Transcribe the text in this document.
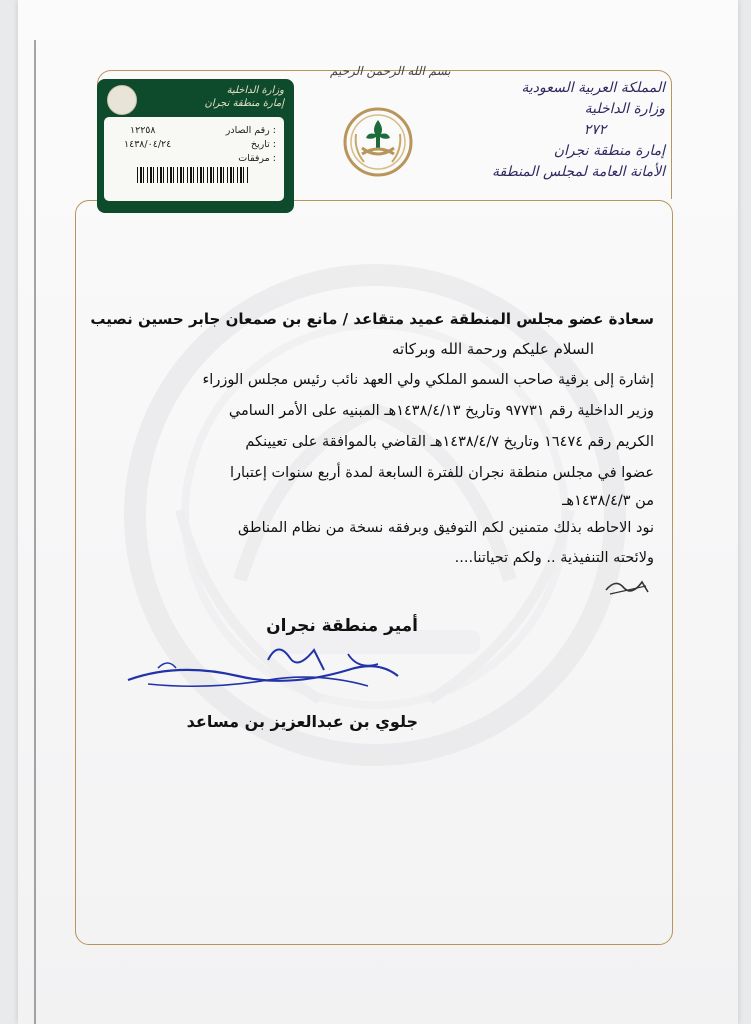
المملكة العربية السعودية
وزارة الداخلية
٢٧٢
إمارة منطقة نجران
الأمانة العامة لمجلس المنطقة
بسم الله الرحمن الرحيم
وزارة الداخلية
إمارة منطقة نجران
رقم الصادر :
١٢٢٥٨
تاريخ :
١٤٣٨/٠٤/٢٤
مرفقات :
سعادة عضو مجلس المنطقة عميد متقاعد / مانع بن صمعان جابر حسين نصيب
السلام عليكم ورحمة الله وبركاته
إشارة إلى برقية صاحب السمو الملكي ولي العهد نائب رئيس مجلس الوزراء
وزير الداخلية رقم ٩٧٧٣١ وتاريخ ١٤٣٨/٤/١٣هـ المبنيه على الأمر السامي
الكريم رقم ١٦٤٧٤ وتاريخ ١٤٣٨/٤/٧هـ القاضي بالموافقة على تعيينكم
عضوا في مجلس منطقة نجران للفترة السابعة لمدة أربع سنوات إعتبارا
من ١٤٣٨/٤/٣هـ
نود الاحاطه بذلك متمنين لكم التوفيق وبرفقه نسخة من نظام المناطق
ولائحته التنفيذية .. ولكم تحياتنا....
أمير منطقة نجران
جلوي بن عبدالعزيز بن مساعد
